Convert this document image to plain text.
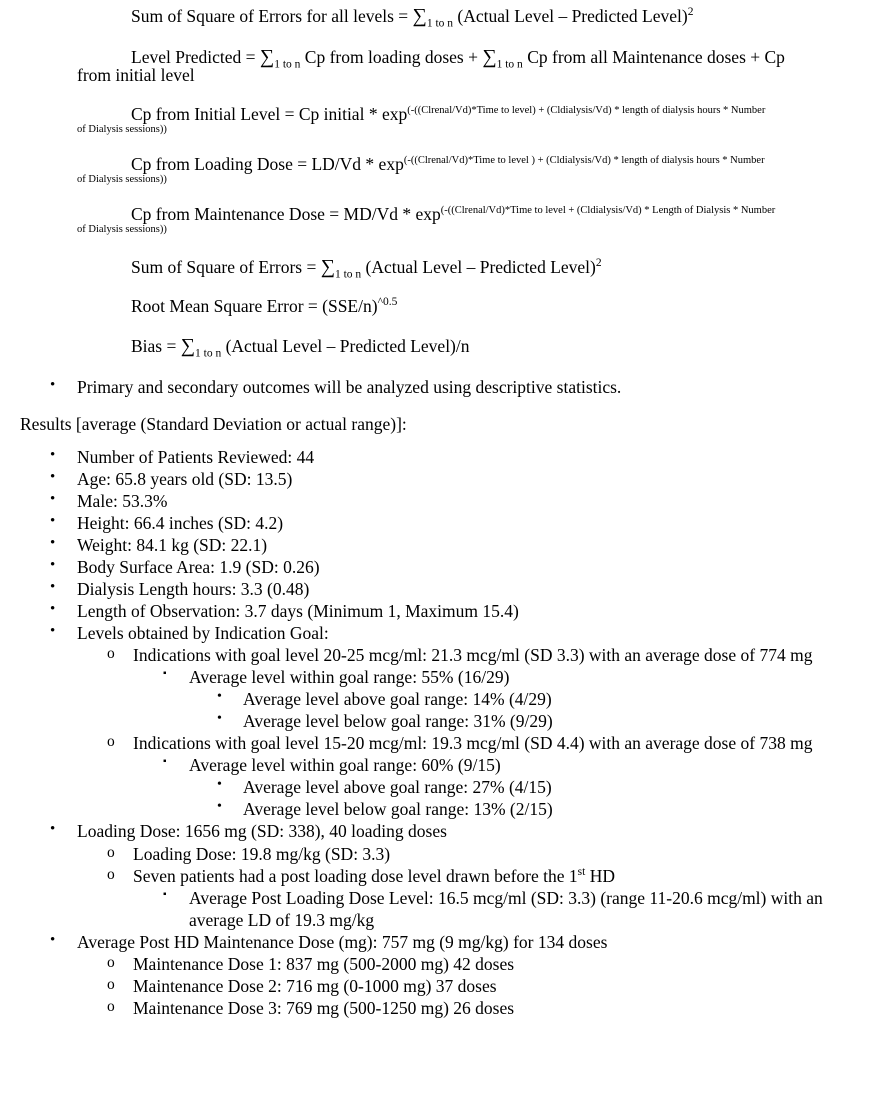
Sum of Square of Errors for all levels = $\sum_{1 to n}$ (Actual Level – Predicted Level)$^2$
Level Predicted = $\sum_{1 to n}$ Cp from loading doses + $\sum_{1 to n}$ Cp from all Maintenance doses + Cp from initial level
Cp from Initial Level = Cp initial * $\exp^{(-((Clrenal/Vd)*Time to level) + (Cldialysis/Vd) * length of dialysis hours * Number}$
of Dialysis sessions))
Cp from Loading Dose = $LD/Vd * \exp^{(-((Clrenal/Vd)*Time to level ) + (Cldialysis/Vd) * length of dialysis hours * Number}$
of Dialysis sessions))
Cp from Maintenance Dose = $MD/Vd * \exp^{(-((Clrenal/Vd)*Time to level + (Cldialysis/Vd) * Length of Dialysis * Number}$
of Dialysis sessions))
Sum of Square of Errors = $\sum_{1 to n}$ (Actual Level – Predicted Level)$^2$
Root Mean Square Error = $(SSE/n)^{\^{}0.5}$
Bias = $\sum_{1 to n}$ (Actual Level – Predicted Level)/n
• Primary and secondary outcomes will be analyzed using descriptive statistics.
Results [average (Standard Deviation or actual range)]:
• Number of Patients Reviewed: 44
• Age: 65.8 years old (SD: 13.5)
• Male: 53.3%
• Height: 66.4 inches (SD: 4.2)
• Weight: 84.1 kg (SD: 22.1)
• Body Surface Area: 1.9 (SD: 0.26)
• Dialysis Length hours: 3.3 (0.48)
• Length of Observation: 3.7 days (Minimum 1, Maximum 15.4)
• Levels obtained by Indication Goal:
o Indications with goal level 20-25 mcg/ml: 21.3 mcg/ml (SD 3.3) with an average dose of 774 mg
▪ Average level within goal range: 55% (16/29)
• Average level above goal range: 14% (4/29)
• Average level below goal range: 31% (9/29)
o Indications with goal level 15-20 mcg/ml: 19.3 mcg/ml (SD 4.4) with an average dose of 738 mg
▪ Average level within goal range: 60% (9/15)
• Average level above goal range: 27% (4/15)
• Average level below goal range: 13% (2/15)
• Loading Dose: 1656 mg (SD: 338), 40 loading doses
o Loading Dose: 19.8 mg/kg (SD: 3.3)
o Seven patients had a post loading dose level drawn before the 1st HD
▪ Average Post Loading Dose Level: 16.5 mcg/ml (SD: 3.3) (range 11-20.6 mcg/ml) with an average LD of 19.3 mg/kg
• Average Post HD Maintenance Dose (mg): 757 mg (9 mg/kg) for 134 doses
o Maintenance Dose 1: 837 mg (500-2000 mg) 42 doses
o Maintenance Dose 2: 716 mg (0-1000 mg) 37 doses
o Maintenance Dose 3: 769 mg (500-1250 mg) 26 doses
